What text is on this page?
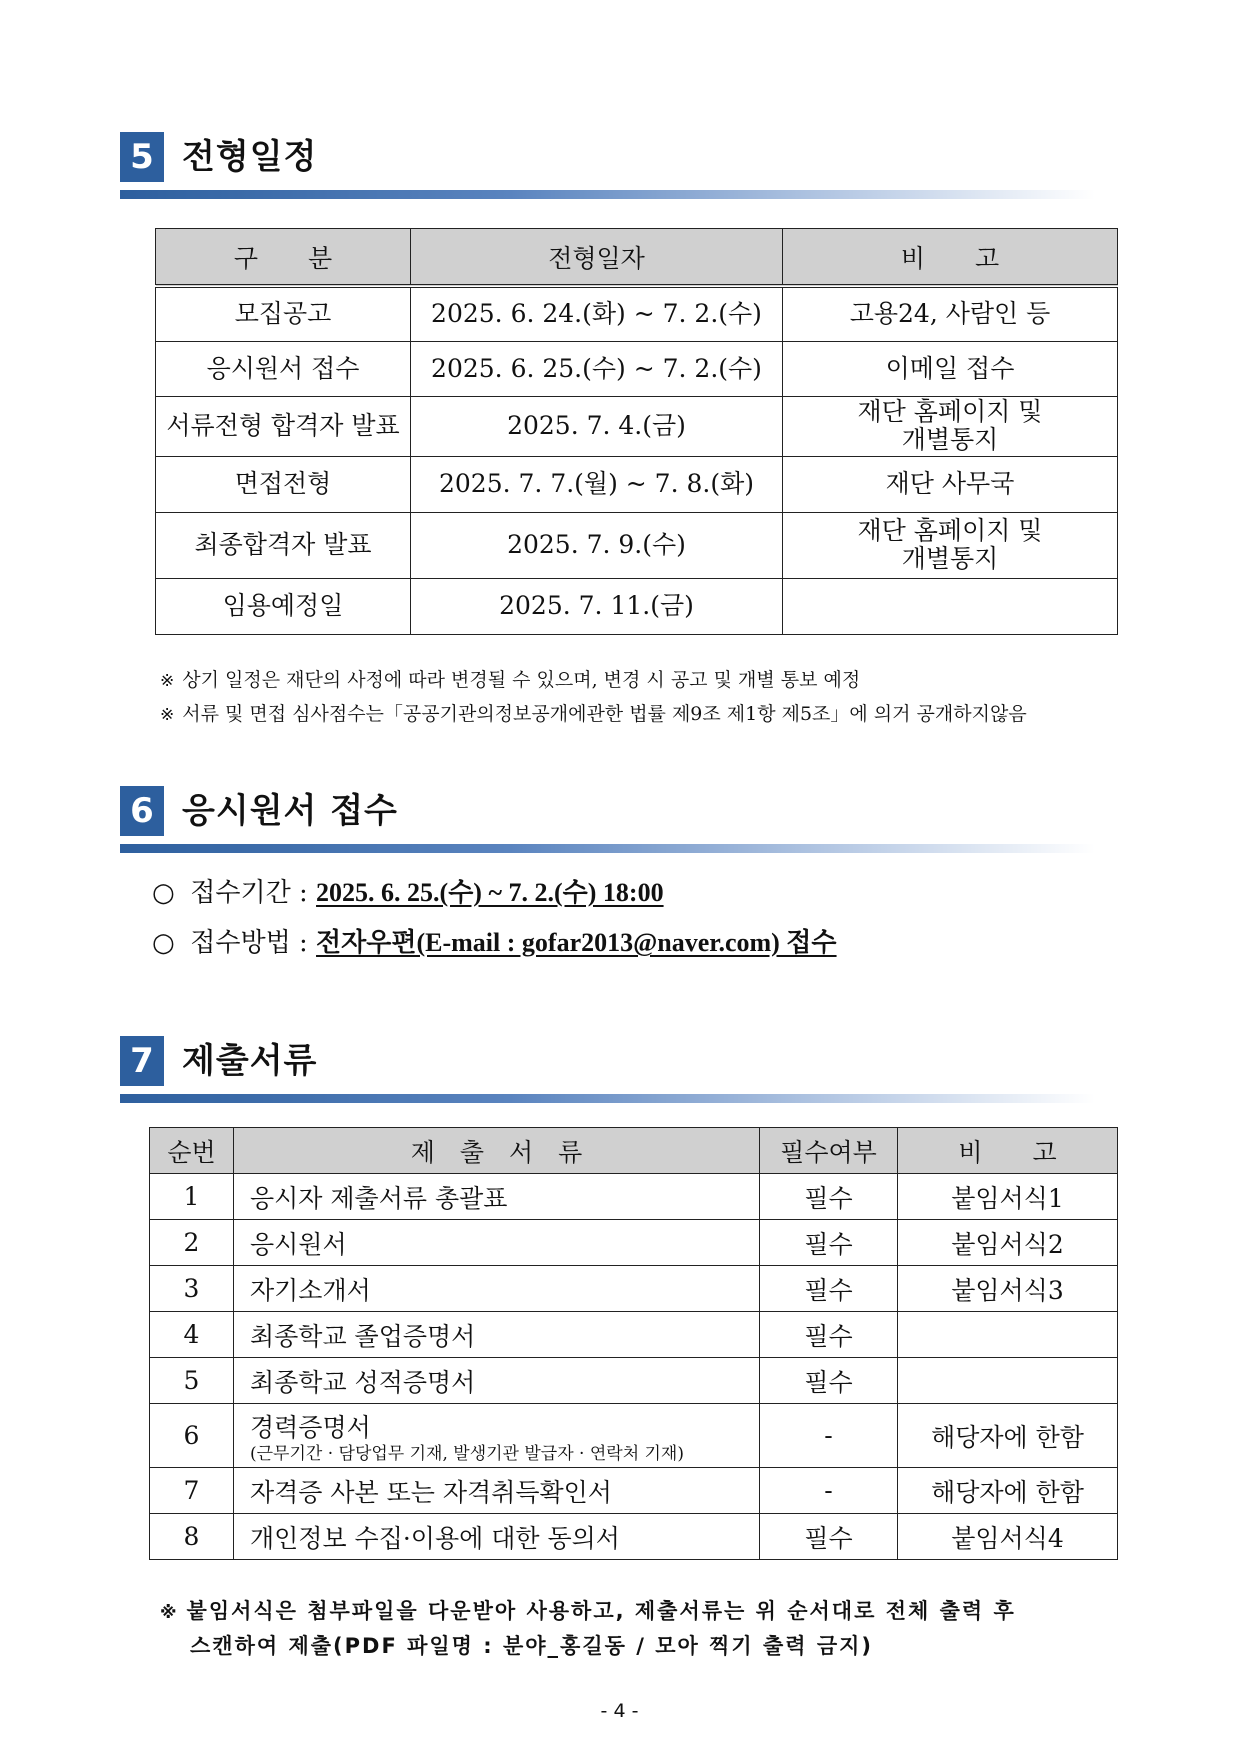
5 전형일정
구　　분	전형일자	비　　고
모집공고	2025. 6. 24.(화) ~ 7. 2.(수)	고용24, 사람인 등
응시원서 접수	2025. 6. 25.(수) ~ 7. 2.(수)	이메일 접수
서류전형 합격자 발표	2025. 7. 4.(금)	재단 홈페이지 및
개별통지

면접전형	2025. 7. 7.(월) ~ 7. 8.(화)	재단 사무국
최종합격자 발표	2025. 7. 9.(수)	재단 홈페이지 및
개별통지

임용예정일	2025. 7. 11.(금)	
※ 상기 일정은 재단의 사정에 따라 변경될 수 있으며, 변경 시 공고 및 개별 통보 예정
※ 서류 및 면접 심사점수는「공공기관의정보공개에관한 법률 제9조 제1항 제5조」에 의거 공개하지않음
6 응시원서 접수
○ 접수기간 : 2025. 6. 25.(수) ~ 7. 2.(수) 18:00
○ 접수방법 : 전자우편(E-mail : gofar2013@naver.com) 접수
7 제출서류
순번	제　출　서　류	필수여부	비　　고
1	응시자 제출서류 총괄표	필수	붙임서식1
2	응시원서	필수	붙임서식2
3	자기소개서	필수	붙임서식3
4	최종학교 졸업증명서	필수	
5	최종학교 성적증명서	필수	
6	경력증명서
(근무기간 · 담당업무 기재, 발생기관 발급자 · 연락처 기재)	-	해당자에 한함
7	자격증 사본 또는 자격취득확인서	-	해당자에 한함
8	개인정보 수집·이용에 대한 동의서	필수	붙임서식4
※ 붙임서식은 첨부파일을 다운받아 사용하고, 제출서류는 위 순서대로 전체 출력 후
스캔하여 제출(PDF 파일명 : 분야_홍길동 / 모아 찍기 출력 금지)
- 4 -
